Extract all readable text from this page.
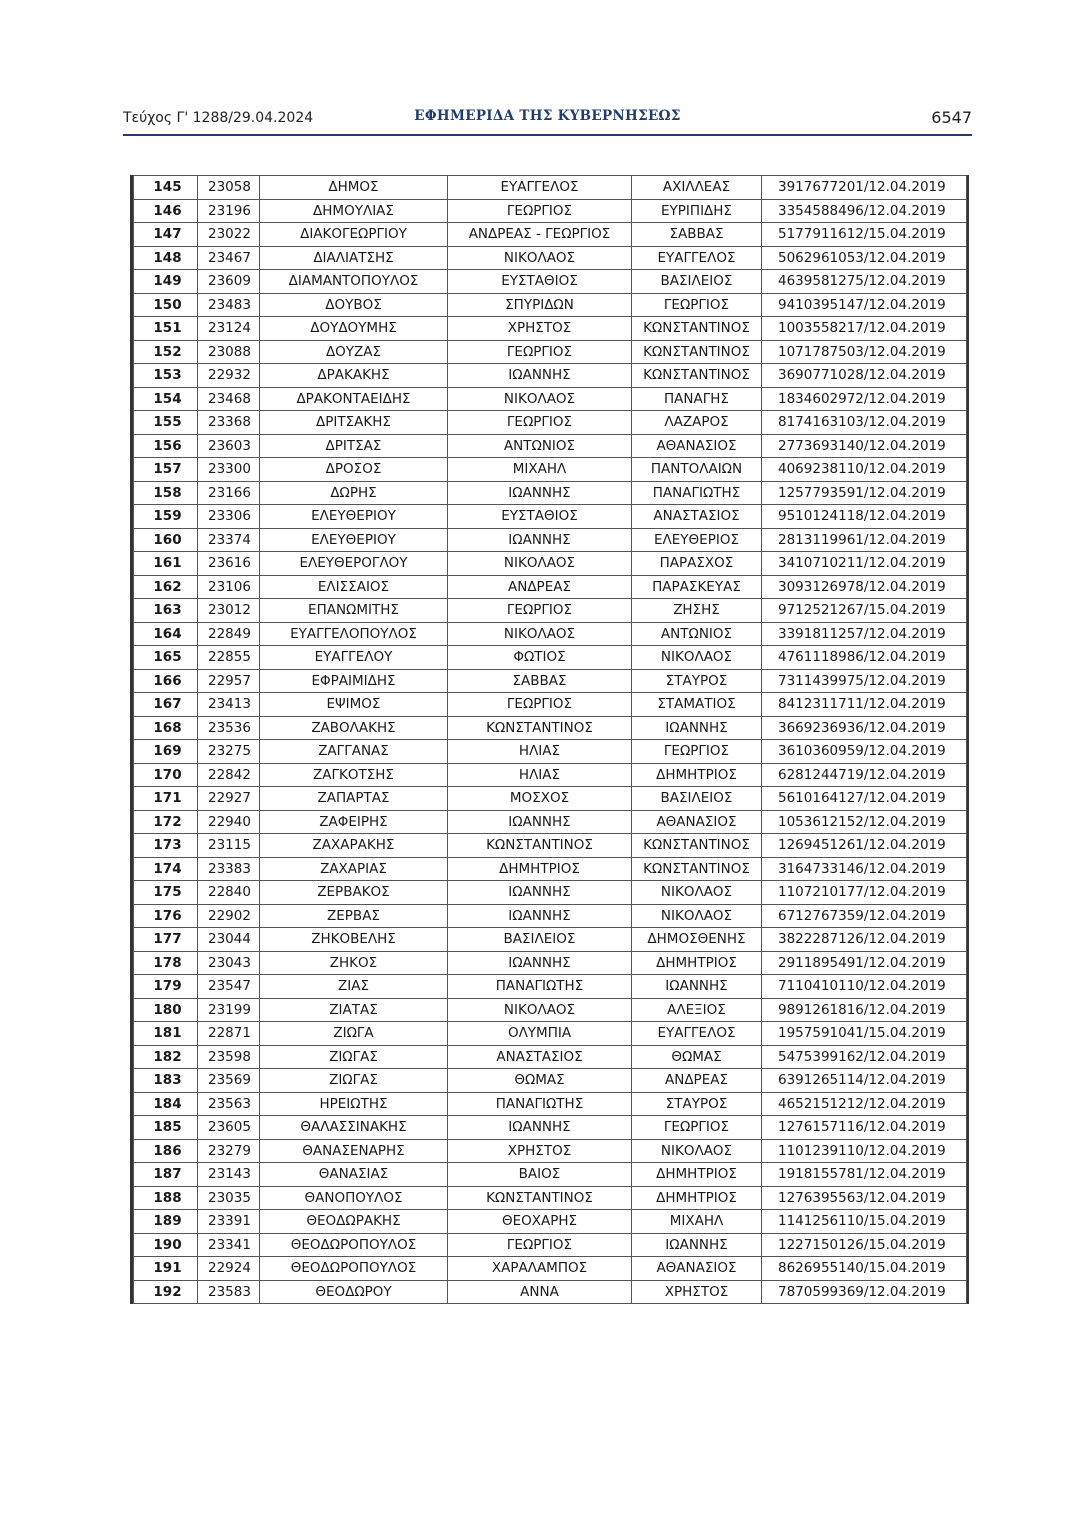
Τεύχος Γ' 1288/29.04.2024	ΕΦΗΜΕΡΙΔΑ ΤΗΣ ΚΥΒΕΡΝΗΣΕΩΣ	6547
145	23058	ΔΗΜΟΣ	ΕΥΑΓΓΕΛΟΣ	ΑΧΙΛΛΕΑΣ	3917677201/12.04.2019
146	23196	ΔΗΜΟΥΛΙΑΣ	ΓΕΩΡΓΙΟΣ	ΕΥΡΙΠΙΔΗΣ	3354588496/12.04.2019
147	23022	ΔΙΑΚΟΓΕΩΡΓΙΟΥ	ΑΝΔΡΕΑΣ - ΓΕΩΡΓΙΟΣ	ΣΑΒΒΑΣ	5177911612/15.04.2019
148	23467	ΔΙΑΛΙΑΤΣΗΣ	ΝΙΚΟΛΑΟΣ	ΕΥΑΓΓΕΛΟΣ	5062961053/12.04.2019
149	23609	ΔΙΑΜΑΝΤΟΠΟΥΛΟΣ	ΕΥΣΤΑΘΙΟΣ	ΒΑΣΙΛΕΙΟΣ	4639581275/12.04.2019
150	23483	ΔΟΥΒΟΣ	ΣΠΥΡΙΔΩΝ	ΓΕΩΡΓΙΟΣ	9410395147/12.04.2019
151	23124	ΔΟΥΔΟΥΜΗΣ	ΧΡΗΣΤΟΣ	ΚΩΝΣΤΑΝΤΙΝΟΣ	1003558217/12.04.2019
152	23088	ΔΟΥΖΑΣ	ΓΕΩΡΓΙΟΣ	ΚΩΝΣΤΑΝΤΙΝΟΣ	1071787503/12.04.2019
153	22932	ΔΡΑΚΑΚΗΣ	ΙΩΑΝΝΗΣ	ΚΩΝΣΤΑΝΤΙΝΟΣ	3690771028/12.04.2019
154	23468	ΔΡΑΚΟΝΤΑΕΙΔΗΣ	ΝΙΚΟΛΑΟΣ	ΠΑΝΑΓΗΣ	1834602972/12.04.2019
155	23368	ΔΡΙΤΣΑΚΗΣ	ΓΕΩΡΓΙΟΣ	ΛΑΖΑΡΟΣ	8174163103/12.04.2019
156	23603	ΔΡΙΤΣΑΣ	ΑΝΤΩΝΙΟΣ	ΑΘΑΝΑΣΙΟΣ	2773693140/12.04.2019
157	23300	ΔΡΟΣΟΣ	ΜΙΧΑΗΛ	ΠΑΝΤΟΛΑΙΩΝ	4069238110/12.04.2019
158	23166	ΔΩΡΗΣ	ΙΩΑΝΝΗΣ	ΠΑΝΑΓΙΩΤΗΣ	1257793591/12.04.2019
159	23306	ΕΛΕΥΘΕΡΙΟΥ	ΕΥΣΤΑΘΙΟΣ	ΑΝΑΣΤΑΣΙΟΣ	9510124118/12.04.2019
160	23374	ΕΛΕΥΘΕΡΙΟΥ	ΙΩΑΝΝΗΣ	ΕΛΕΥΘΕΡΙΟΣ	2813119961/12.04.2019
161	23616	ΕΛΕΥΘΕΡΟΓΛΟΥ	ΝΙΚΟΛΑΟΣ	ΠΑΡΑΣΧΟΣ	3410710211/12.04.2019
162	23106	ΕΛΙΣΣΑΙΟΣ	ΑΝΔΡΕΑΣ	ΠΑΡΑΣΚΕΥΑΣ	3093126978/12.04.2019
163	23012	ΕΠΑΝΩΜΙΤΗΣ	ΓΕΩΡΓΙΟΣ	ΖΗΣΗΣ	9712521267/15.04.2019
164	22849	ΕΥΑΓΓΕΛΟΠΟΥΛΟΣ	ΝΙΚΟΛΑΟΣ	ΑΝΤΩΝΙΟΣ	3391811257/12.04.2019
165	22855	ΕΥΑΓΓΕΛΟΥ	ΦΩΤΙΟΣ	ΝΙΚΟΛΑΟΣ	4761118986/12.04.2019
166	22957	ΕΦΡΑΙΜΙΔΗΣ	ΣΑΒΒΑΣ	ΣΤΑΥΡΟΣ	7311439975/12.04.2019
167	23413	ΕΨΙΜΟΣ	ΓΕΩΡΓΙΟΣ	ΣΤΑΜΑΤΙΟΣ	8412311711/12.04.2019
168	23536	ΖΑΒΟΛΑΚΗΣ	ΚΩΝΣΤΑΝΤΙΝΟΣ	ΙΩΑΝΝΗΣ	3669236936/12.04.2019
169	23275	ΖΑΓΓΑΝΑΣ	ΗΛΙΑΣ	ΓΕΩΡΓΙΟΣ	3610360959/12.04.2019
170	22842	ΖΑΓΚΟΤΣΗΣ	ΗΛΙΑΣ	ΔΗΜΗΤΡΙΟΣ	6281244719/12.04.2019
171	22927	ΖΑΠΑΡΤΑΣ	ΜΟΣΧΟΣ	ΒΑΣΙΛΕΙΟΣ	5610164127/12.04.2019
172	22940	ΖΑΦΕΙΡΗΣ	ΙΩΑΝΝΗΣ	ΑΘΑΝΑΣΙΟΣ	1053612152/12.04.2019
173	23115	ΖΑΧΑΡΑΚΗΣ	ΚΩΝΣΤΑΝΤΙΝΟΣ	ΚΩΝΣΤΑΝΤΙΝΟΣ	1269451261/12.04.2019
174	23383	ΖΑΧΑΡΙΑΣ	ΔΗΜΗΤΡΙΟΣ	ΚΩΝΣΤΑΝΤΙΝΟΣ	3164733146/12.04.2019
175	22840	ΖΕΡΒΑΚΟΣ	ΙΩΑΝΝΗΣ	ΝΙΚΟΛΑΟΣ	1107210177/12.04.2019
176	22902	ΖΕΡΒΑΣ	ΙΩΑΝΝΗΣ	ΝΙΚΟΛΑΟΣ	6712767359/12.04.2019
177	23044	ΖΗΚΟΒΕΛΗΣ	ΒΑΣΙΛΕΙΟΣ	ΔΗΜΟΣΘΕΝΗΣ	3822287126/12.04.2019
178	23043	ΖΗΚΟΣ	ΙΩΑΝΝΗΣ	ΔΗΜΗΤΡΙΟΣ	2911895491/12.04.2019
179	23547	ΖΙΑΣ	ΠΑΝΑΓΙΩΤΗΣ	ΙΩΑΝΝΗΣ	7110410110/12.04.2019
180	23199	ΖΙΑΤΑΣ	ΝΙΚΟΛΑΟΣ	ΑΛΕΞΙΟΣ	9891261816/12.04.2019
181	22871	ΖΙΩΓΑ	ΟΛΥΜΠΙΑ	ΕΥΑΓΓΕΛΟΣ	1957591041/15.04.2019
182	23598	ΖΙΩΓΑΣ	ΑΝΑΣΤΑΣΙΟΣ	ΘΩΜΑΣ	5475399162/12.04.2019
183	23569	ΖΙΩΓΑΣ	ΘΩΜΑΣ	ΑΝΔΡΕΑΣ	6391265114/12.04.2019
184	23563	ΗΡΕΙΩΤΗΣ	ΠΑΝΑΓΙΩΤΗΣ	ΣΤΑΥΡΟΣ	4652151212/12.04.2019
185	23605	ΘΑΛΑΣΣΙΝΑΚΗΣ	ΙΩΑΝΝΗΣ	ΓΕΩΡΓΙΟΣ	1276157116/12.04.2019
186	23279	ΘΑΝΑΣΕΝΑΡΗΣ	ΧΡΗΣΤΟΣ	ΝΙΚΟΛΑΟΣ	1101239110/12.04.2019
187	23143	ΘΑΝΑΣΙΑΣ	ΒΑΙΟΣ	ΔΗΜΗΤΡΙΟΣ	1918155781/12.04.2019
188	23035	ΘΑΝΟΠΟΥΛΟΣ	ΚΩΝΣΤΑΝΤΙΝΟΣ	ΔΗΜΗΤΡΙΟΣ	1276395563/12.04.2019
189	23391	ΘΕΟΔΩΡΑΚΗΣ	ΘΕΟΧΑΡΗΣ	ΜΙΧΑΗΛ	1141256110/15.04.2019
190	23341	ΘΕΟΔΩΡΟΠΟΥΛΟΣ	ΓΕΩΡΓΙΟΣ	ΙΩΑΝΝΗΣ	1227150126/15.04.2019
191	22924	ΘΕΟΔΩΡΟΠΟΥΛΟΣ	ΧΑΡΑΛΑΜΠΟΣ	ΑΘΑΝΑΣΙΟΣ	8626955140/15.04.2019
192	23583	ΘΕΟΔΩΡΟΥ	ΑΝΝΑ	ΧΡΗΣΤΟΣ	7870599369/12.04.2019
